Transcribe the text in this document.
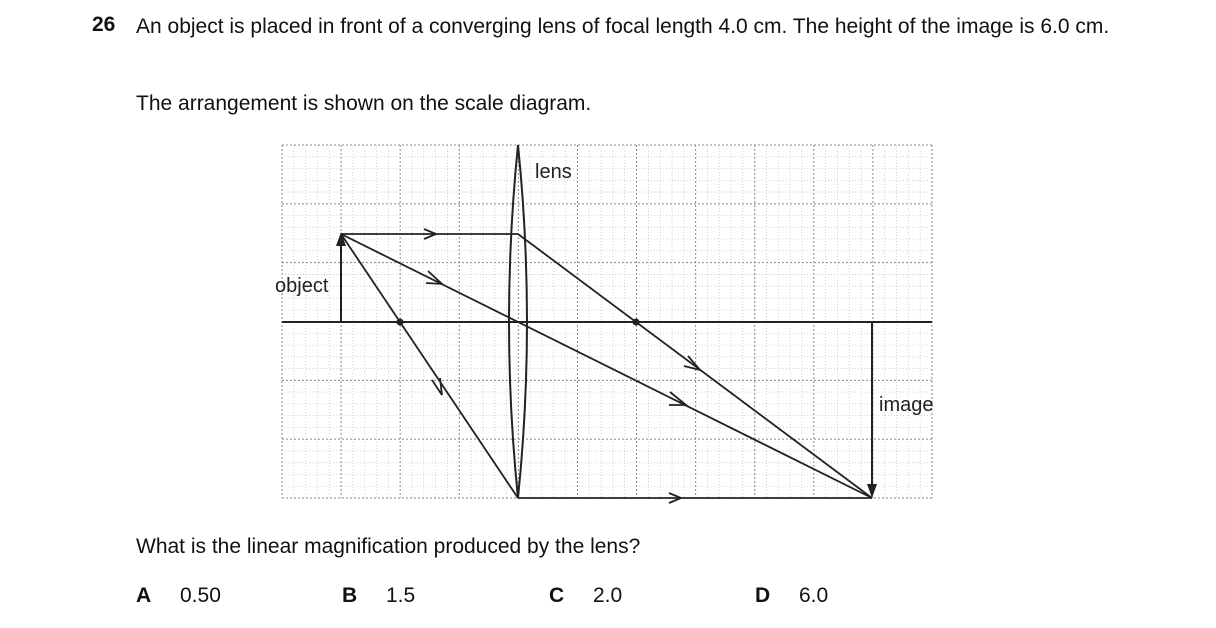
26 An object is placed in front of a converging lens of focal length 4.0 cm. The height of the image is 6.0 cm.
The arrangement is shown on the scale diagram.
lens
object
image
What is the linear magnification produced by the lens?
A 0.50	B 1.5	C 2.0	D 6.0
